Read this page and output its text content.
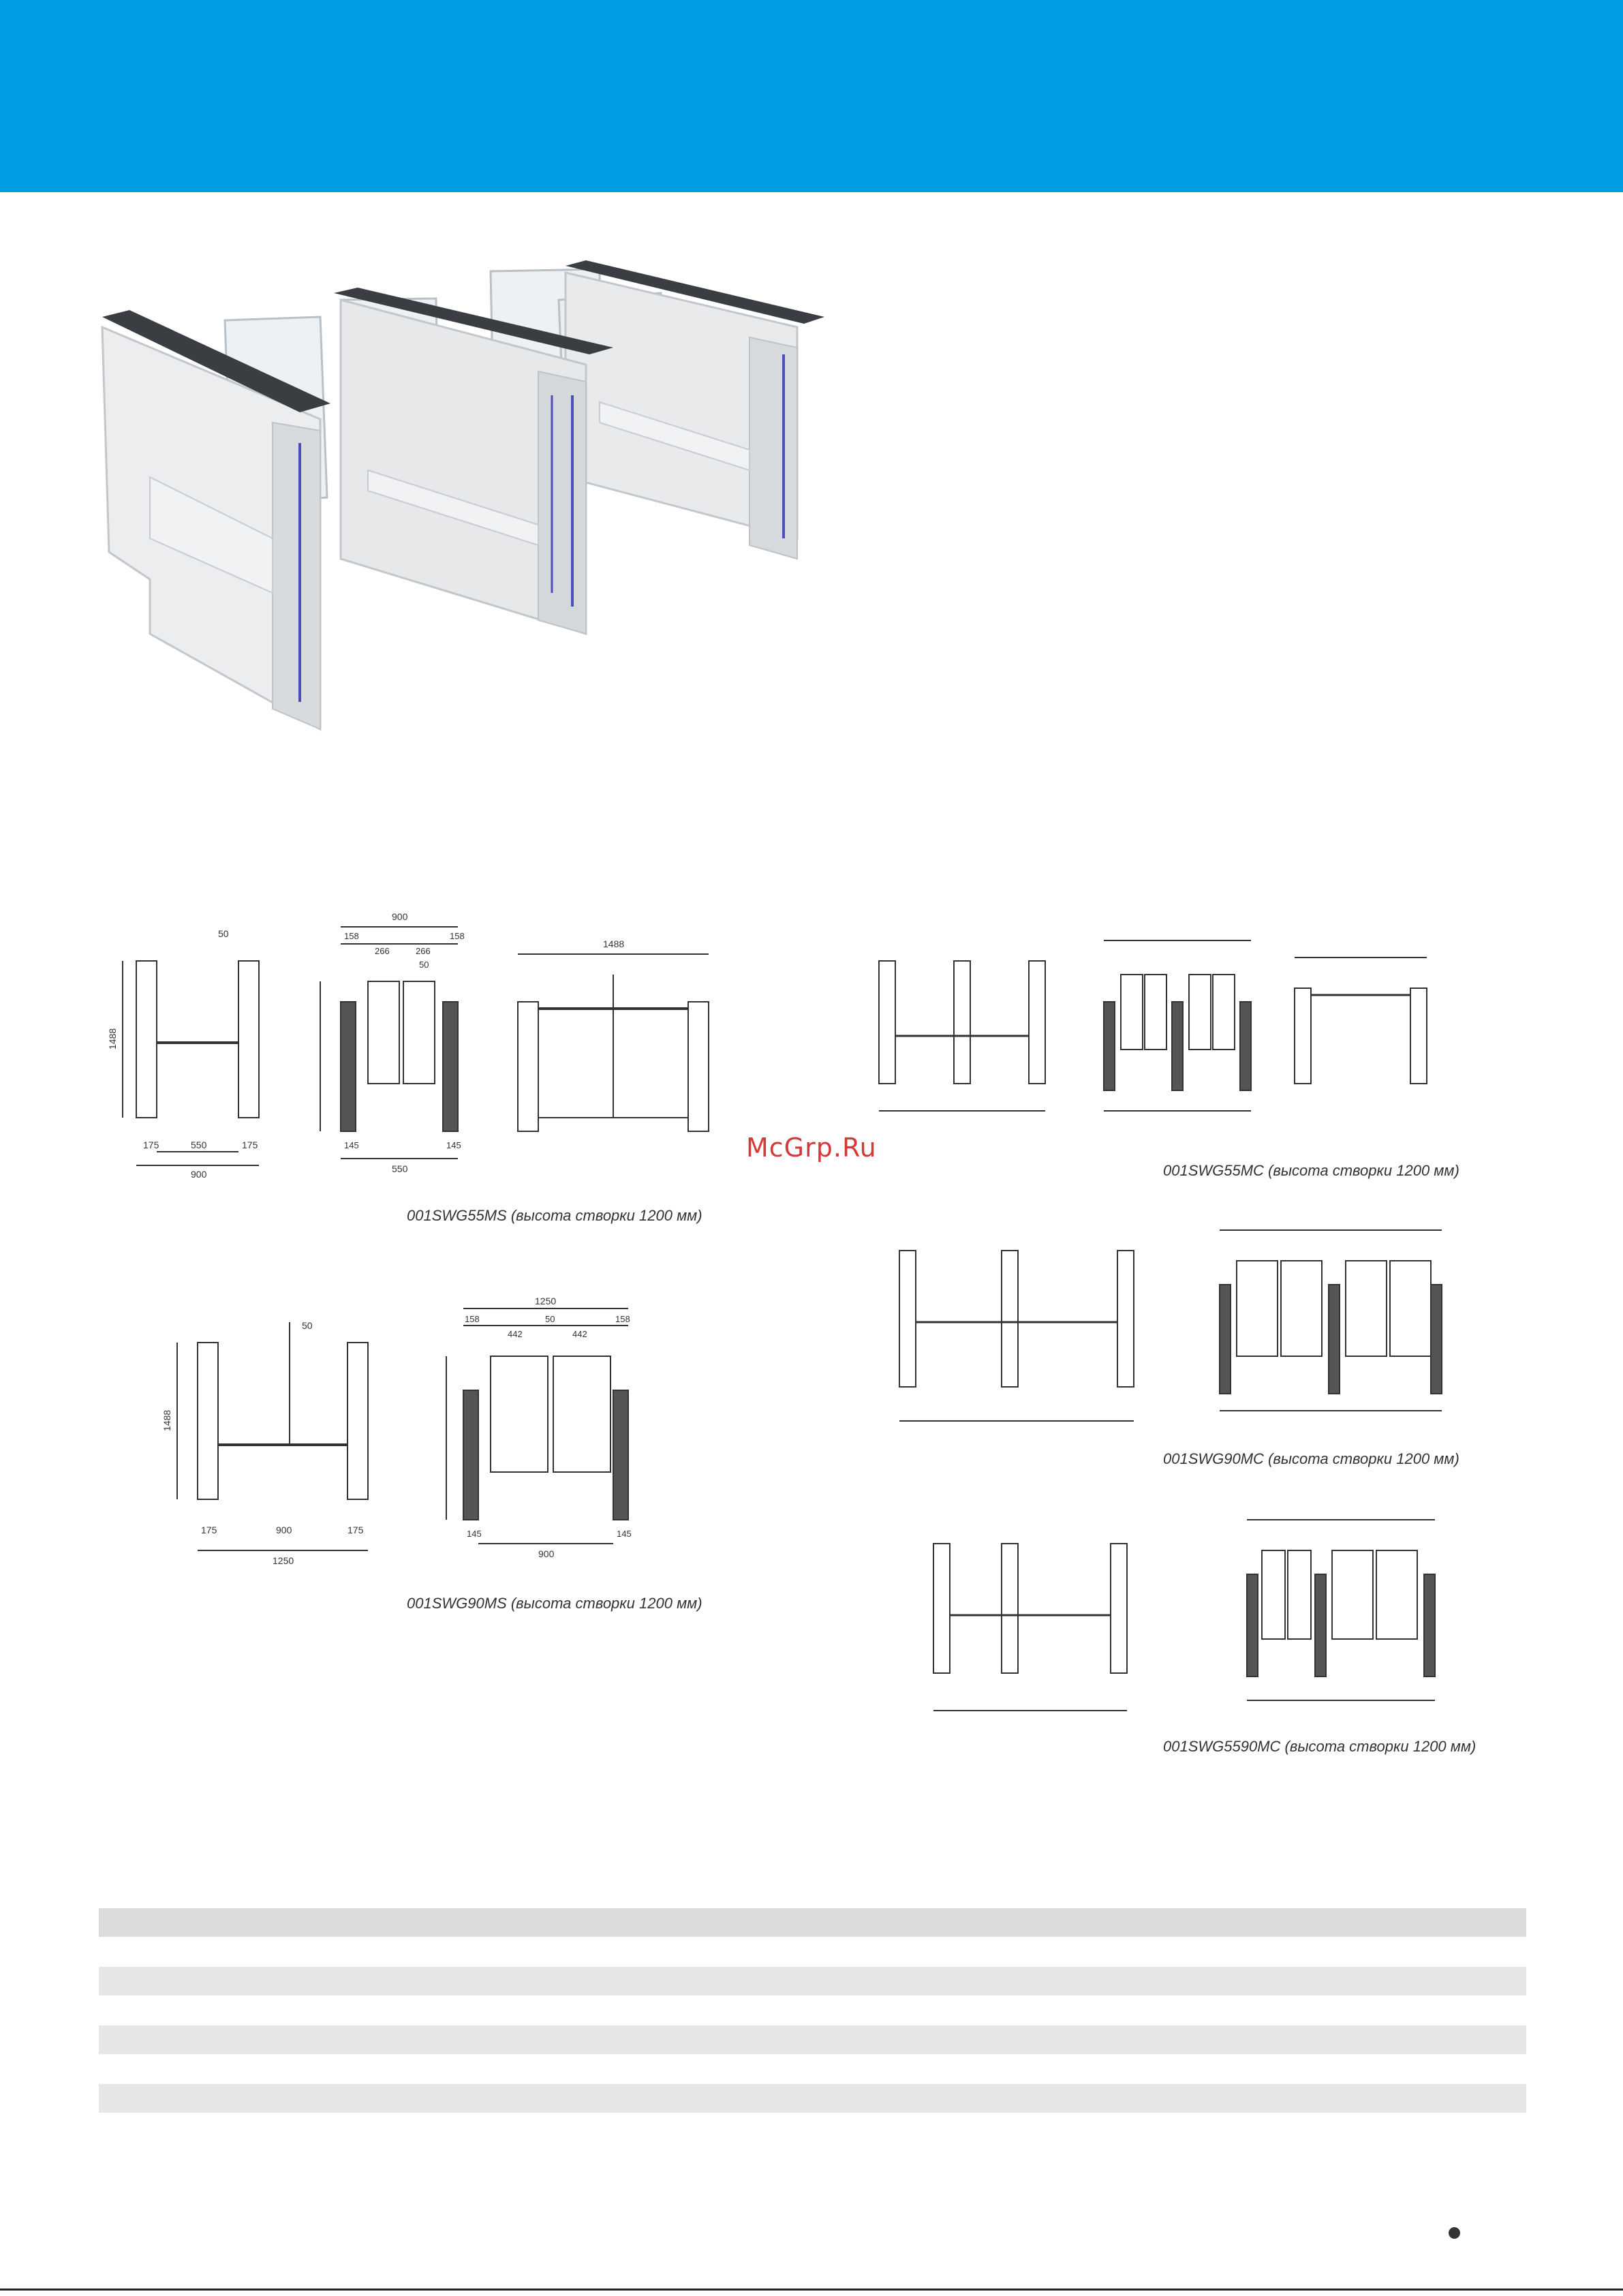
50
1488
175	175
550
900
900
158
266	266
158
50
145	145
550
1488
001SWG55MS (высота створки 1200 мм)
50
1488
175	175
900
1250
1250
158
442
50
442
158
145	145
900
001SWG90MS (высота створки 1200 мм)
001SWG55MC (высота створки 1200 мм)
001SWG90MC (высота створки 1200 мм)
001SWG5590MC (высота створки 1200 мм)
McGrp.Ru
